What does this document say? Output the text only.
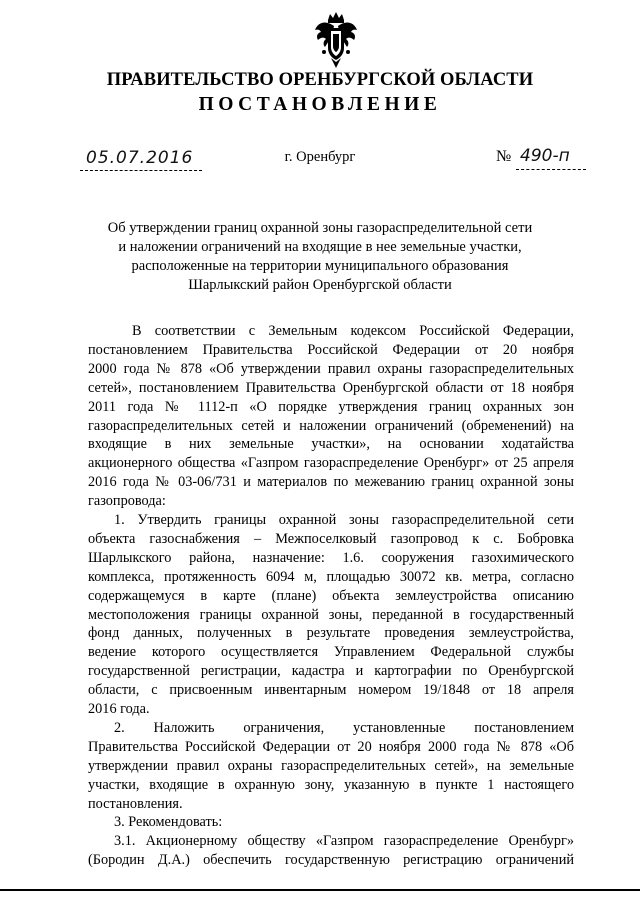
ПРАВИТЕЛЬСТВО ОРЕНБУРГСКОЙ ОБЛАСТИ
ПОСТАНОВЛЕНИЕ
05.07.2016	г. Оренбург	№ 490-п
Об утверждении границ охранной зоны газораспределительной сети
и наложении ограничений на входящие в нее земельные участки,
расположенные на территории муниципального образования
Шарлыкский район Оренбургской области
В соответствии с Земельным кодексом Российской Федерации,
постановлением Правительства Российской Федерации от 20 ноября
2000 года № 878 «Об утверждении правил охраны газораспределительных
сетей», постановлением Правительства Оренбургской области от 18 ноября
2011 года № 1112-п «О порядке утверждения границ охранных зон
газораспределительных сетей и наложении ограничений (обременений) на
входящие в них земельные участки», на основании ходатайства
акционерного общества «Газпром газораспределение Оренбург» от 25 апреля
2016 года № 03-06/731 и материалов по межеванию границ охранной зоны
газопровода:
1. Утвердить границы охранной зоны газораспределительной сети
объекта газоснабжения – Межпоселковый газопровод к с. Бобровка
Шарлыкского района, назначение: 1.6. сооружения газохимического
комплекса, протяженность 6094 м, площадью 30072 кв. метра, согласно
содержащемуся в карте (плане) объекта землеустройства описанию
местоположения границы охранной зоны, переданной в государственный
фонд данных, полученных в результате проведения землеустройства,
ведение которого осуществляется Управлением Федеральной службы
государственной регистрации, кадастра и картографии по Оренбургской
области, с присвоенным инвентарным номером 19/1848 от 18 апреля
2016 года.
2. Наложить ограничения, установленные постановлением
Правительства Российской Федерации от 20 ноября 2000 года № 878 «Об
утверждении правил охраны газораспределительных сетей», на земельные
участки, входящие в охранную зону, указанную в пункте 1 настоящего
постановления.
3. Рекомендовать:
3.1. Акционерному обществу «Газпром газораспределение Оренбург»
(Бородин Д.А.) обеспечить государственную регистрацию ограничений
